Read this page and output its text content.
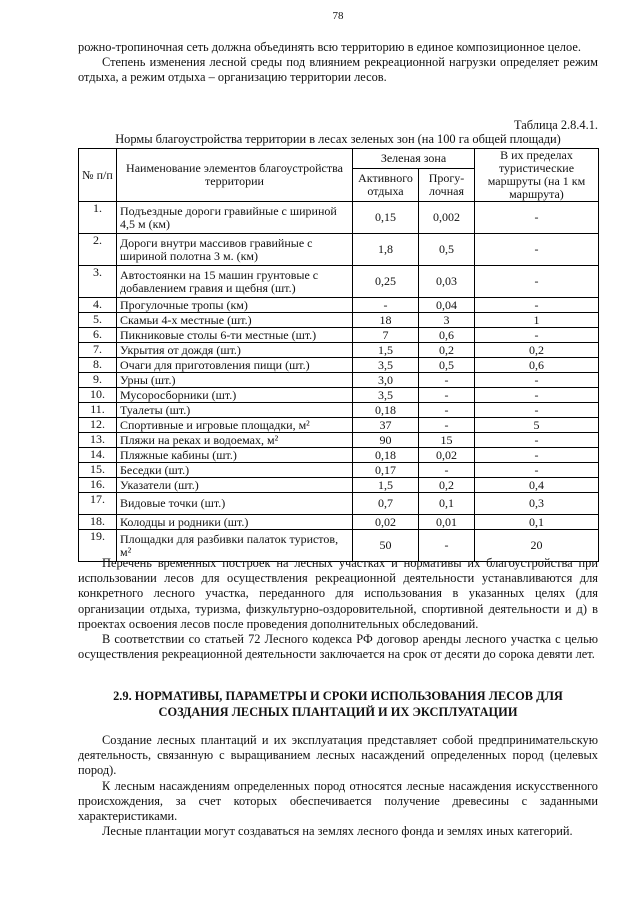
78

рожно-тропиночная сеть должна объединять всю территорию в единое композиционное целое.

Степень изменения лесной среды под влиянием рекреационной нагрузки определяет режим отдыха, а режим отдыха – организацию территории лесов.

Таблица 2.8.4.1.
Нормы благоустройства территории в лесах зеленых зон (на 100 га общей площади)
№ п/п	Наименование элементов благоустройства территории	Зеленая зона		В их пределах туристические маршруты (на 1 км маршрута)
		Активного отдыха	Прогу-лочная	
1.	Подъездные дороги гравийные с шириной 4,5 м (км)	0,15	0,002	-
2.	Дороги внутри массивов гравийные с шириной полотна 3 м. (км)	1,8	0,5	-
3.	Автостоянки на 15 машин грунтовые с добавлением гравия и щебня (шт.)	0,25	0,03	-
4.	Прогулочные тропы (км)	-	0,04	-
5.	Скамьи 4-х местные (шт.)	18	3	1
6.	Пикниковые столы 6-ти местные (шт.)	7	0,6	-
7.	Укрытия от дождя (шт.)	1,5	0,2	0,2
8.	Очаги для приготовления пищи (шт.)	3,5	0,5	0,6
9.	Урны (шт.)	3,0	-	-
10.	Мусоросборники (шт.)	3,5	-	-
11.	Туалеты (шт.)	0,18	-	-
12.	Спортивные и игровые площадки, м²	37	-	5
13.	Пляжи на реках и водоемах, м²	90	15	-
14.	Пляжные кабины (шт.)	0,18	0,02	-
15.	Беседки (шт.)	0,17	-	-
16.	Указатели (шт.)	1,5	0,2	0,4
17.	Видовые точки (шт.)	0,7	0,1	0,3
18.	Колодцы и родники (шт.)	0,02	0,01	0,1
19.	Площадки для разбивки палаток туристов, м²	50	-	20

Перечень временных построек на лесных участках и нормативы их благоустройства при использовании лесов для осуществления рекреационной деятельности устанавливаются для конкретного лесного участка, переданного для использования в указанных целях (для организации отдыха, туризма, физкультурно-оздоровительной, спортивной деятельности и д) в проектах освоения лесов после проведения дополнительных обследований.

В соответствии со статьей 72 Лесного кодекса РФ договор аренды лесного участка с целью осуществления рекреационной деятельности заключается на срок от десяти до сорока девяти лет.

2.9. НОРМАТИВЫ, ПАРАМЕТРЫ И СРОКИ ИСПОЛЬЗОВАНИЯ ЛЕСОВ ДЛЯ СОЗДАНИЯ ЛЕСНЫХ ПЛАНТАЦИЙ И ИХ ЭКСПЛУАТАЦИИ

Создание лесных плантаций и их эксплуатация представляет собой предпринимательскую деятельность, связанную с выращиванием лесных насаждений определенных пород (целевых пород).

К лесным насаждениям определенных пород относятся лесные насаждения искусственного происхождения, за счет которых обеспечивается получение древесины с заданными характеристиками.

Лесные плантации могут создаваться на землях лесного фонда и землях иных категорий.
